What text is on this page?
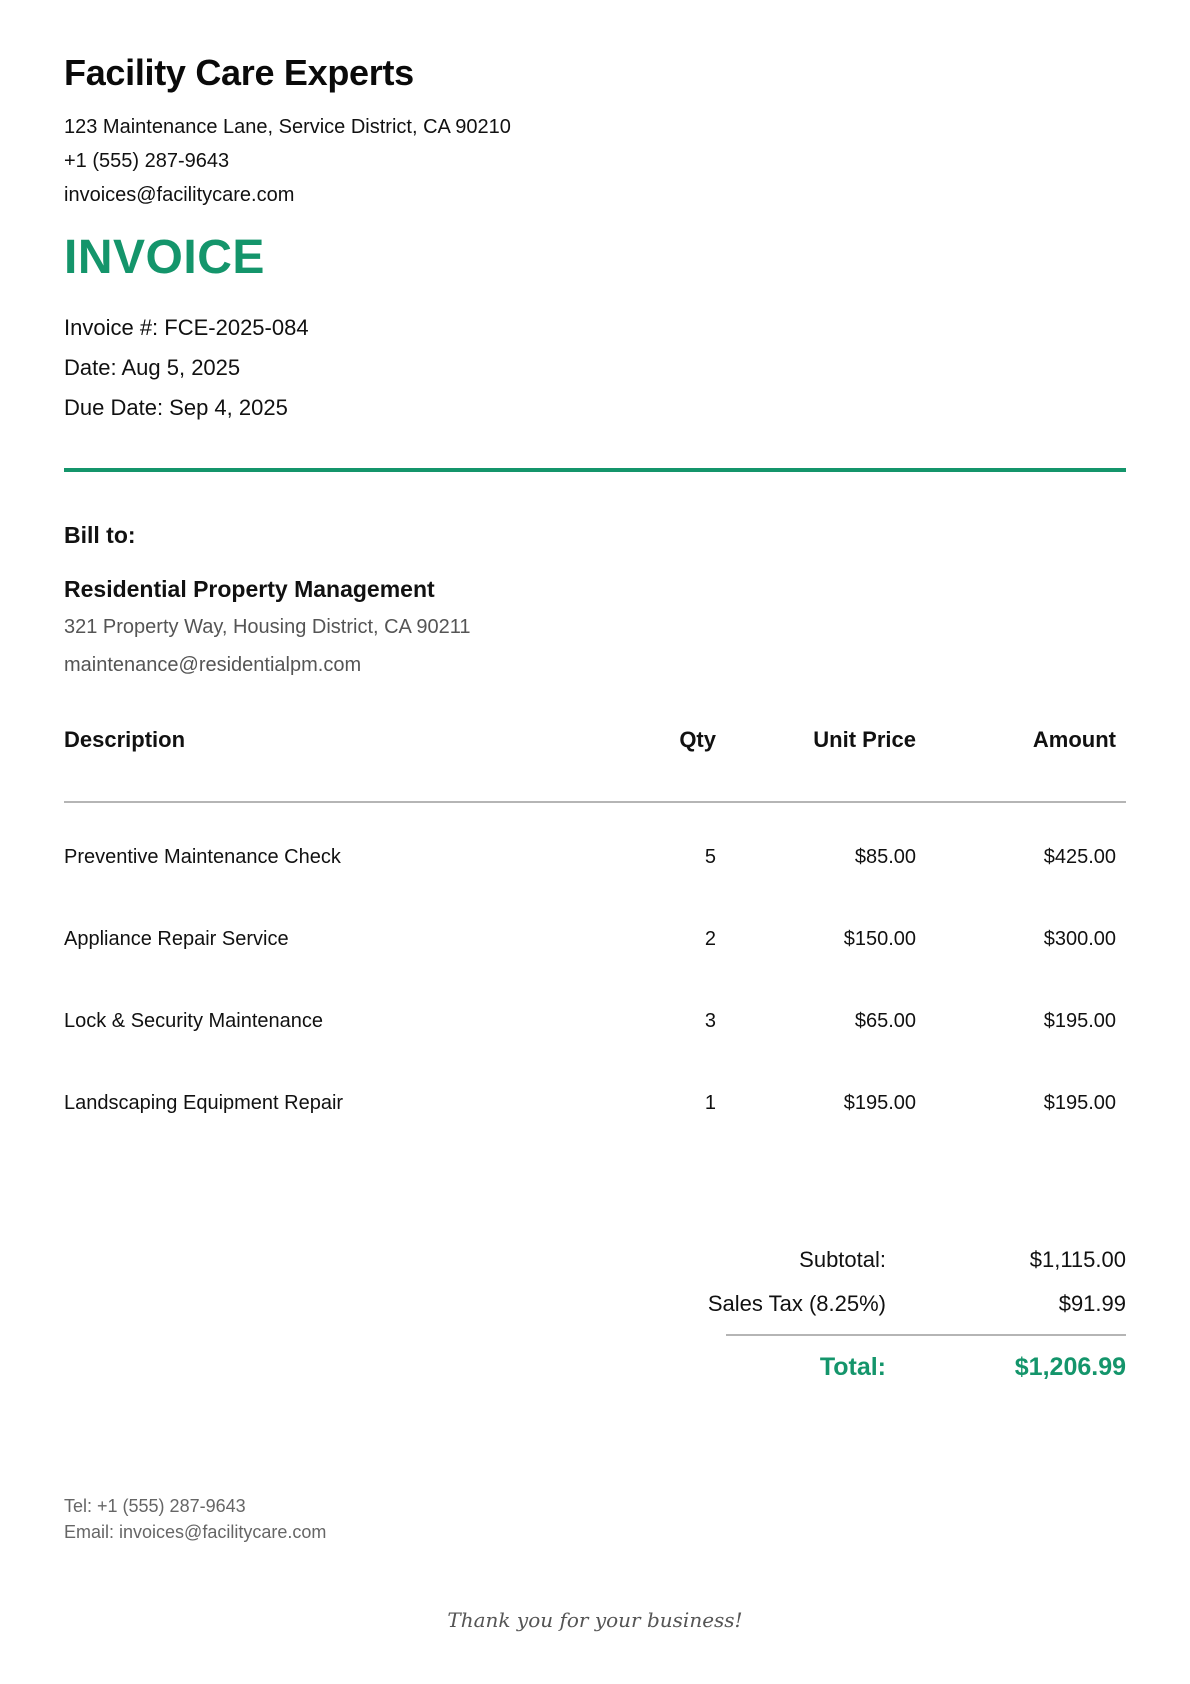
Facility Care Experts
123 Maintenance Lane, Service District, CA 90210
+1 (555) 287-9643
invoices@facilitycare.com
INVOICE
Invoice #: FCE-2025-084
Date: Aug 5, 2025
Due Date: Sep 4, 2025
Bill to:
Residential Property Management
321 Property Way, Housing District, CA 90211
maintenance@residentialpm.com
Description	Qty	Unit Price	Amount	
Preventive Maintenance Check	5	$85.00	$425.00	
Appliance Repair Service	2	$150.00	$300.00	
Lock & Security Maintenance	3	$65.00	$195.00	
Landscaping Equipment Repair	1	$195.00	$195.00	
Subtotal:	$1,115.00
Sales Tax (8.25%)	$91.99
Total:	$1,206.99
Tel: +1 (555) 287-9643
Email: invoices@facilitycare.com
Thank you for your business!
